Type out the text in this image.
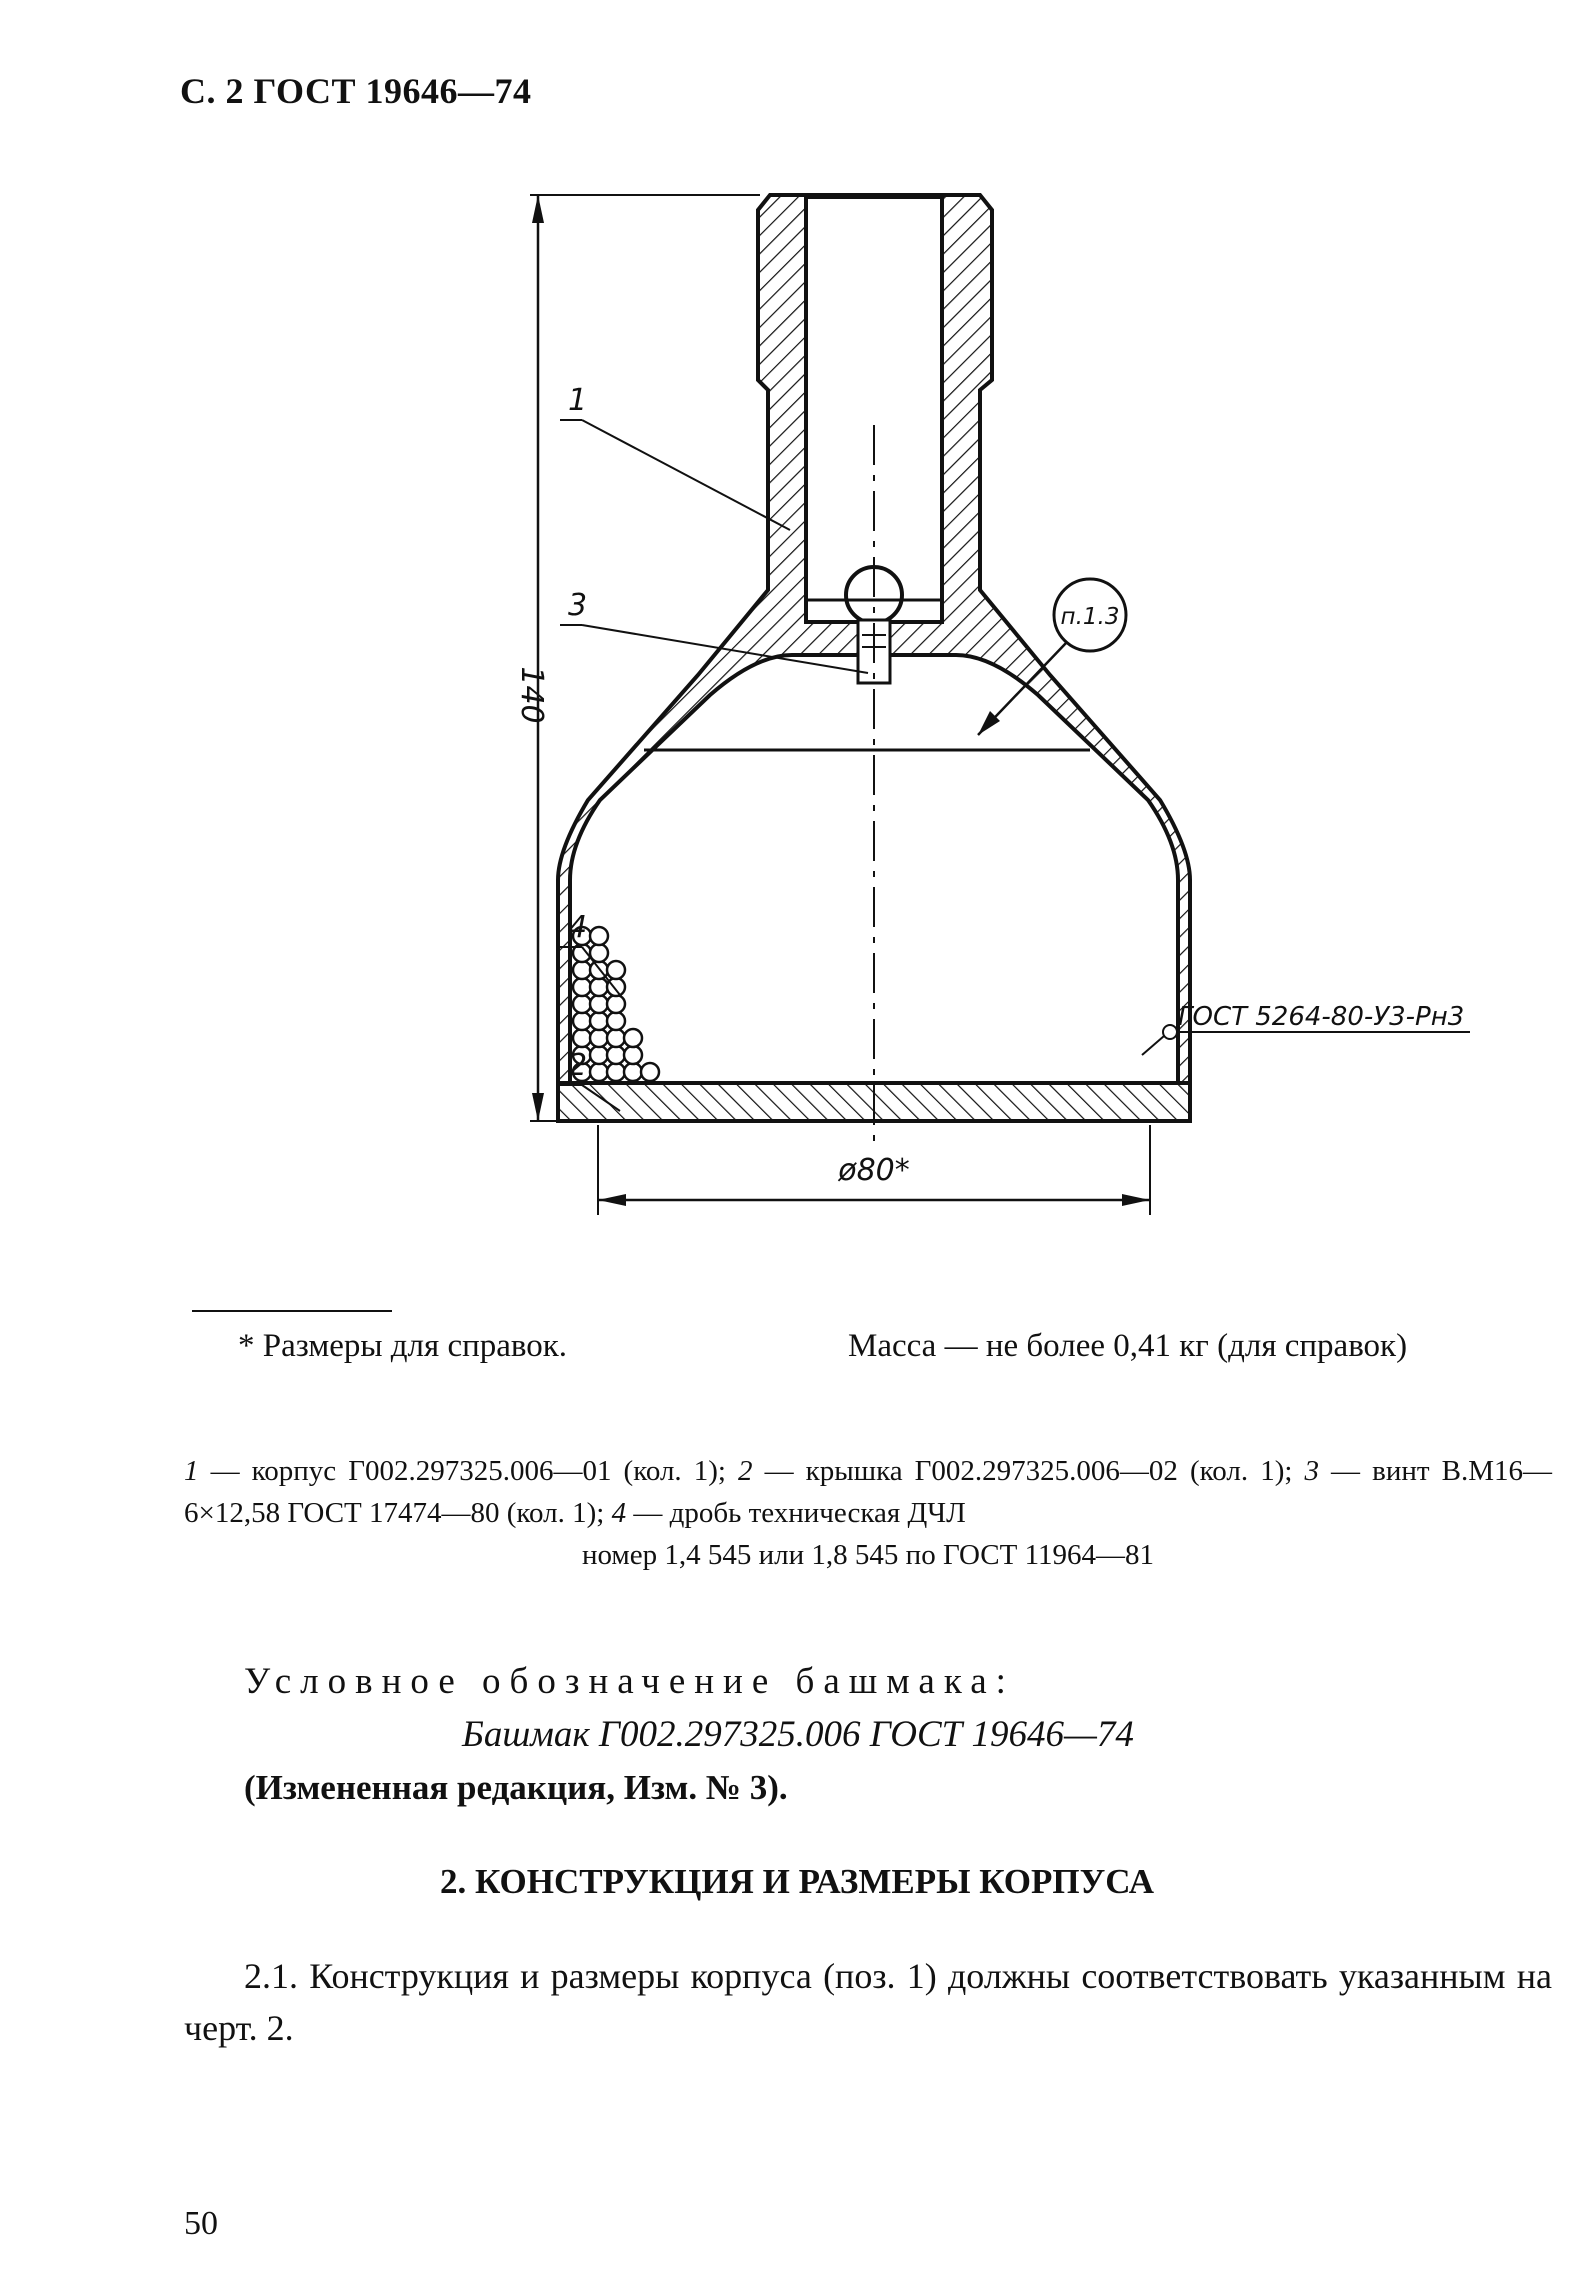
С. 2 ГОСТ 19646—74
140
ø80*
1
3
4
2
п.1.3
ГОСТ 5264-80-У3-Рн3
* Размеры для справок.	Масса — не более 0,41 кг (для справок)
1 — корпус Г002.297325.006—01 (кол. 1); 2 — крышка Г002.297325.006—02 (кол. 1); 3 — винт В.М16—6×12,58 ГОСТ 17474—80 (кол. 1); 4 — дробь техническая ДЧЛ
номер 1,4 545 или 1,8 545 по ГОСТ 11964—81
Условное обозначение башмака:
Башмак Г002.297325.006 ГОСТ 19646—74
(Измененная редакция, Изм. № 3).
2. КОНСТРУКЦИЯ И РАЗМЕРЫ КОРПУСА
2.1. Конструкция и размеры корпуса (поз. 1) должны соответствовать указанным на черт. 2.
50
